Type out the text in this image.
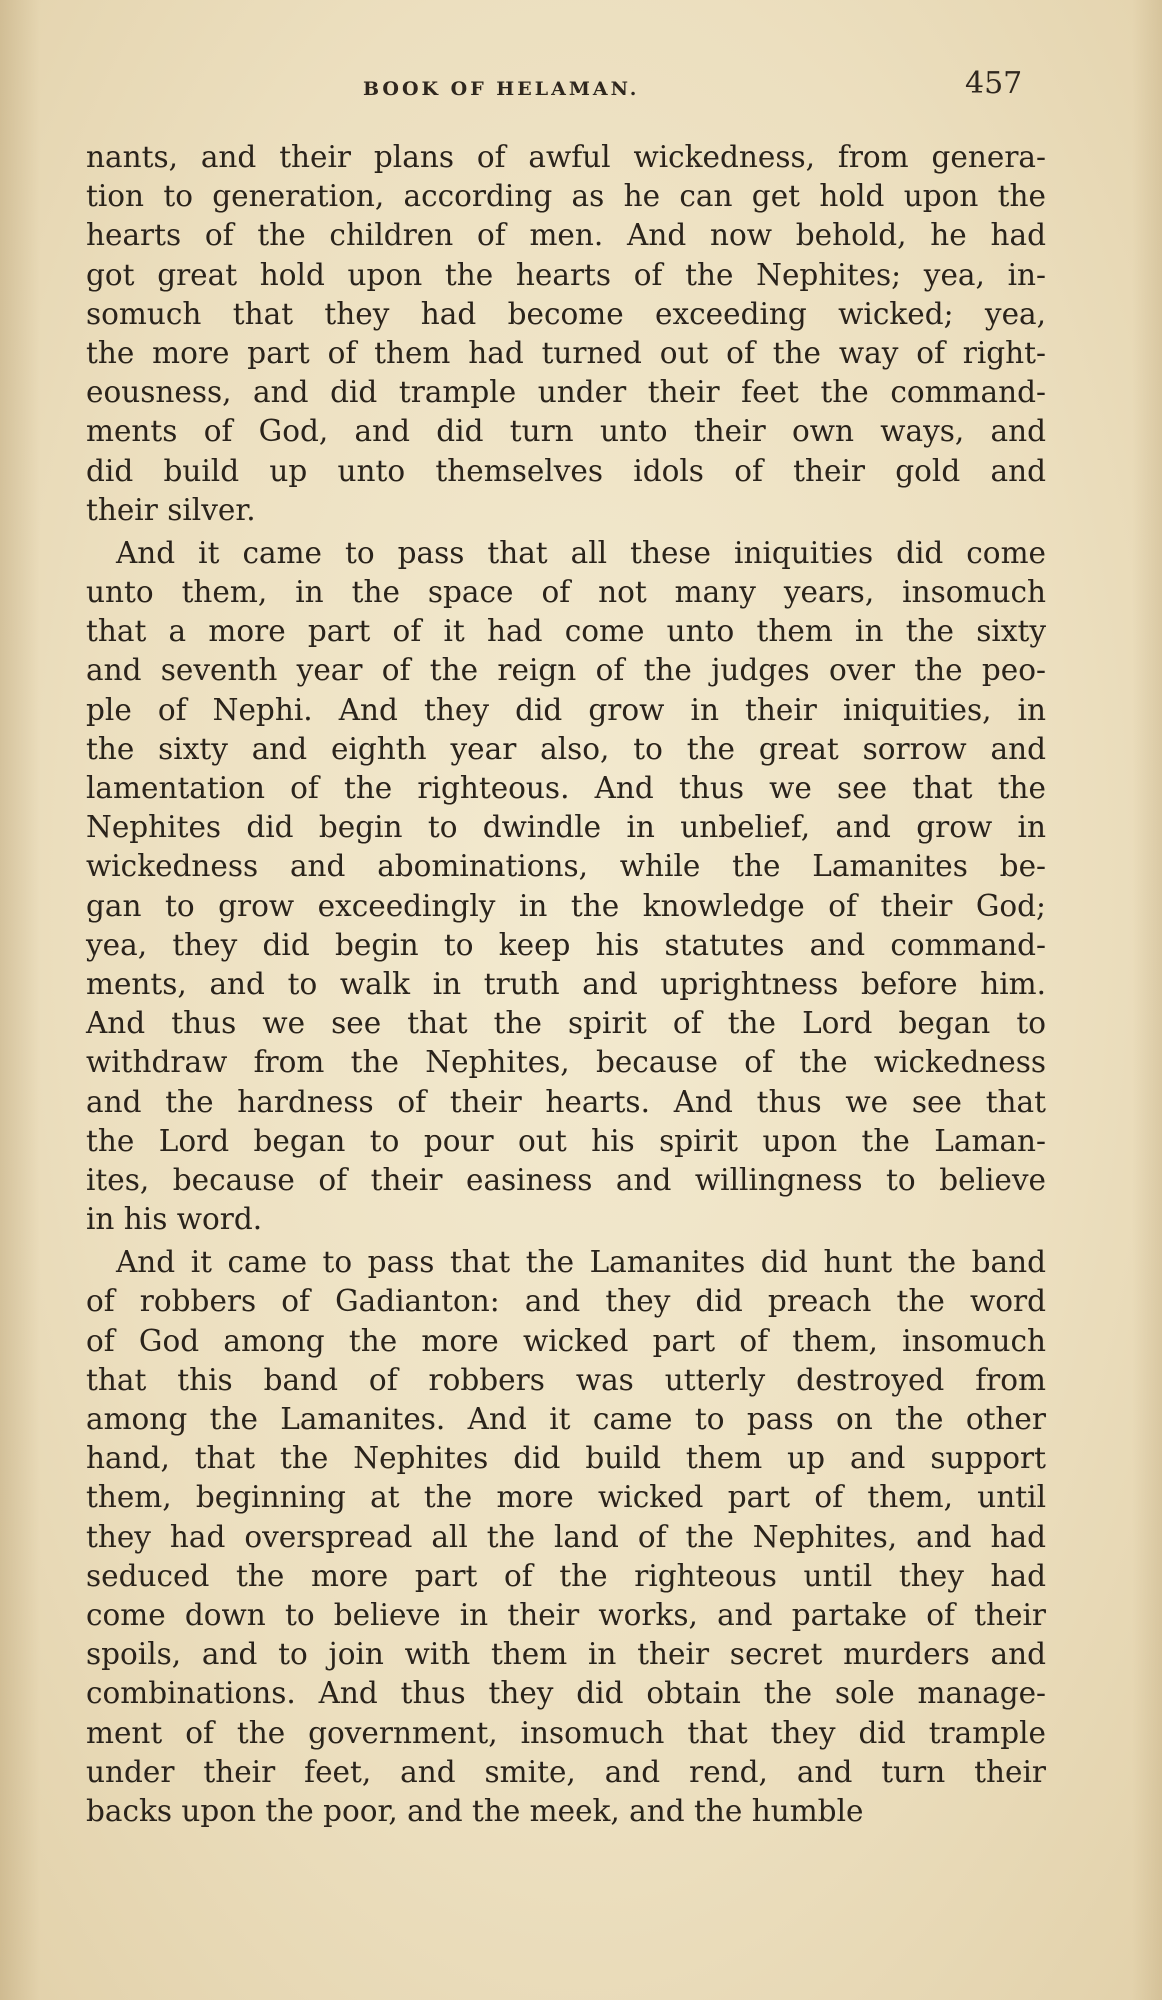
BOOK OF HELAMAN.	457
nants, and their plans of awful wickedness, from genera-
tion to generation, according as he can get hold upon the
hearts of the children of men. And now behold, he had
got great hold upon the hearts of the Nephites; yea, in-
somuch that they had become exceeding wicked; yea,
the more part of them had turned out of the way of right-
eousness, and did trample under their feet the command-
ments of God, and did turn unto their own ways, and
did build up unto themselves idols of their gold and
their silver.
And it came to pass that all these iniquities did come
unto them, in the space of not many years, insomuch
that a more part of it had come unto them in the sixty
and seventh year of the reign of the judges over the peo-
ple of Nephi. And they did grow in their iniquities, in
the sixty and eighth year also, to the great sorrow and
lamentation of the righteous. And thus we see that the
Nephites did begin to dwindle in unbelief, and grow in
wickedness and abominations, while the Lamanites be-
gan to grow exceedingly in the knowledge of their God;
yea, they did begin to keep his statutes and command-
ments, and to walk in truth and uprightness before him.
And thus we see that the spirit of the Lord began to
withdraw from the Nephites, because of the wickedness
and the hardness of their hearts. And thus we see that
the Lord began to pour out his spirit upon the Laman-
ites, because of their easiness and willingness to believe
in his word.
And it came to pass that the Lamanites did hunt the band
of robbers of Gadianton: and they did preach the word
of God among the more wicked part of them, insomuch
that this band of robbers was utterly destroyed from
among the Lamanites. And it came to pass on the other
hand, that the Nephites did build them up and support
them, beginning at the more wicked part of them, until
they had overspread all the land of the Nephites, and had
seduced the more part of the righteous until they had
come down to believe in their works, and partake of their
spoils, and to join with them in their secret murders and
combinations. And thus they did obtain the sole manage-
ment of the government, insomuch that they did trample
under their feet, and smite, and rend, and turn their
backs upon the poor, and the meek, and the humble
